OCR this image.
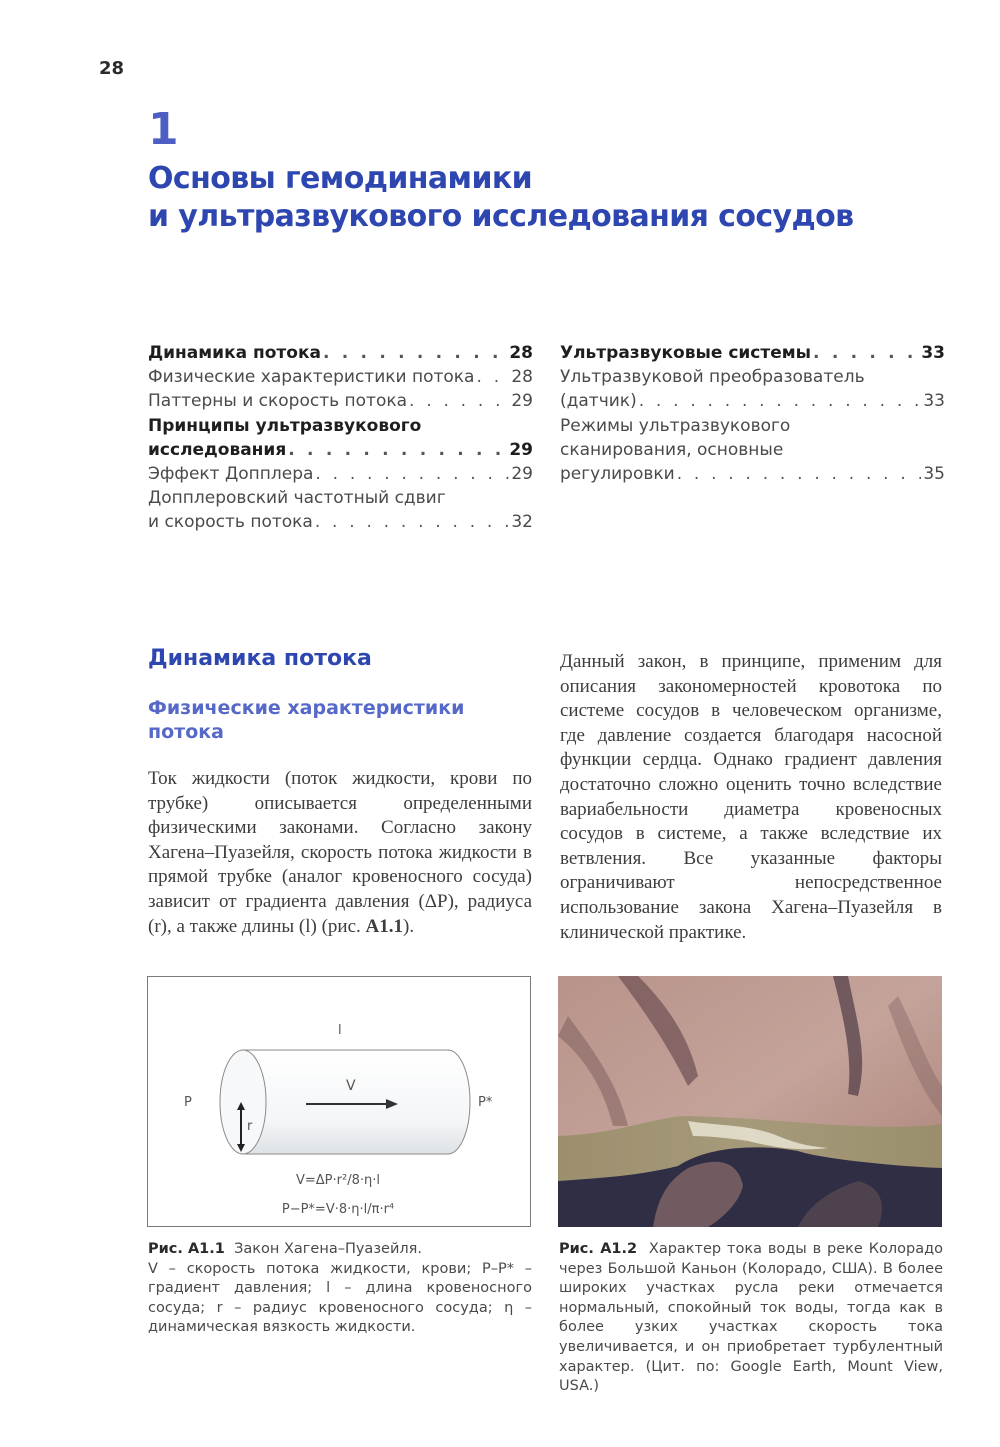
28
1
Основы гемодинамики
и ультразвукового исследования сосудов
Динамика потока . . .	28
Физические характеристики потока . . . 28
Паттерны и скорость потока . . .	29
Принципы ультразвукового
исследования . . .	29
Эффект Допплера . . .	29
Допплеровский частотный сдвиг
и скорость потока . . .	32
Ультразвуковые системы . . .	33
Ультразвуковой преобразователь
(датчик) . . .	33
Режимы ультразвукового
сканирования, основные
регулировки . . .	35
Динамика потока
Физические характеристики потока
Ток жидкости (поток жидкости, крови по трубке) описывается определенными физическими законами. Согласно закону Хагена–Пуазейля, скорость потока жидкости в прямой трубке (аналог кровеносного сосуда) зависит от градиента давления (ΔP), радиуса (r), а также длины (l) (рис. A1.1).
Данный закон, в принципе, применим для описания закономерностей кровотока по системе сосудов в человеческом организме, где давление создается благодаря насосной функции сердца. Однако градиент давления достаточно сложно оценить точно вследствие вариабельности диаметра кровеносных сосудов в системе, а также вследствие их ветвления. Все указанные факторы ограничивают непосредственное использование закона Хагена–Пуазейля в клинической практике.
l
V
P	P*
r
V=ΔP·r²/8·η·l
P−P*=V·8·η·l/π·r⁴
Рис. A1.1 Закон Хагена–Пуазейля.
V – скорость потока жидкости, крови; P–P* – градиент давления; l – длина кровеносного сосуда; r – радиус кровеносного сосуда; η – динамическая вязкость жидкости.
Рис. A1.2 Характер тока воды в реке Колорадо через Большой Каньон (Колорадо, США). В более широких участках русла реки отмечается нормальный, спокойный ток воды, тогда как в более узких участках скорость тока увеличивается, и он приобретает турбулентный характер. (Цит. по: Google Earth, Mount View, USA.)
